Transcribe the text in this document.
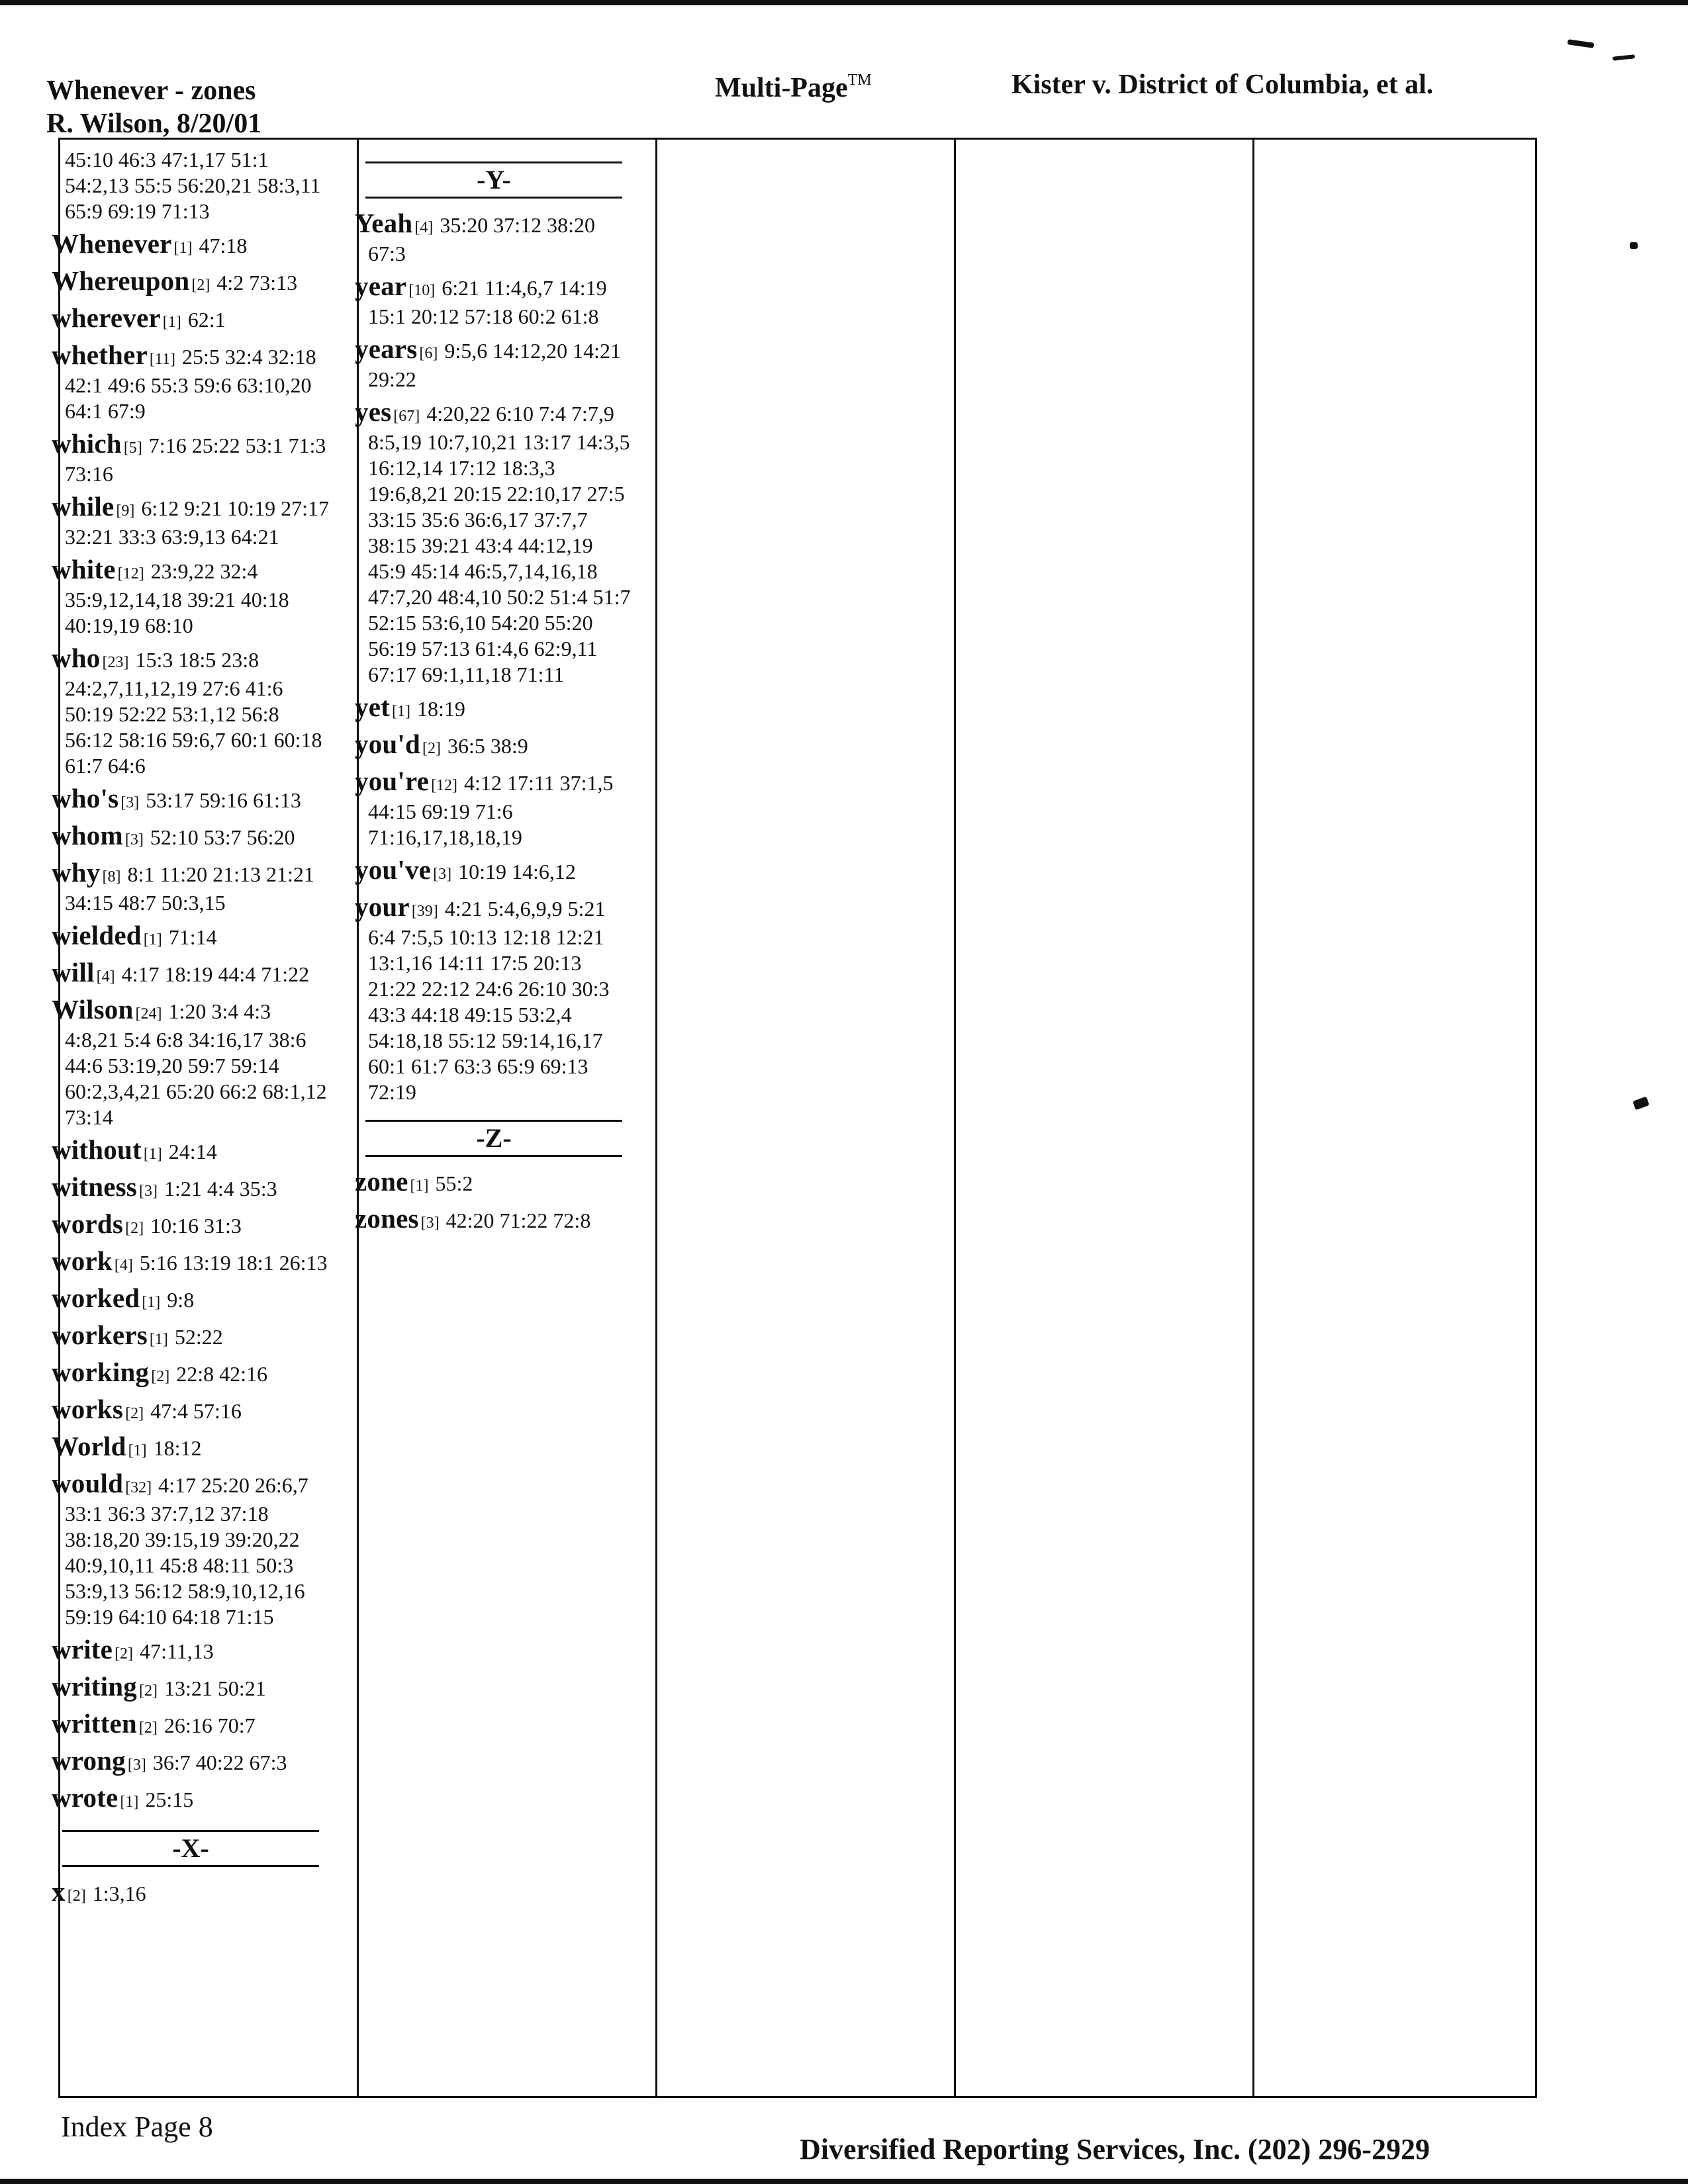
Whenever - zones
R. Wilson, 8/20/01
Multi-Page™	Kister v. District of Columbia, et al.
45:10 46:3 47:1,17 51:1 54:2,13 55:5 56:20,21 58:3,11 65:9 69:19 71:13
Whenever [1] 47:18
Whereupon [2] 4:2 73:13
wherever [1] 62:1
whether [11] 25:5 32:4 32:18 42:1 49:6 55:3 59:6 63:10,20 64:1 67:9
which [5] 7:16 25:22 53:1 71:3 73:16
while [9] 6:12 9:21 10:19 27:17 32:21 33:3 63:9,13 64:21
white [12] 23:9,22 32:4 35:9,12,14,18 39:21 40:18 40:19,19 68:10
who [23] 15:3 18:5 23:8 24:2,7,11,12,19 27:6 41:6 50:19 52:22 53:1,12 56:8 56:12 58:16 59:6,7 60:1 60:18 61:7 64:6
who's [3] 53:17 59:16 61:13
whom [3] 52:10 53:7 56:20
why [8] 8:1 11:20 21:13 21:21 34:15 48:7 50:3,15
wielded [1] 71:14
will [4] 4:17 18:19 44:4 71:22
Wilson [24] 1:20 3:4 4:3 4:8,21 5:4 6:8 34:16,17 38:6 44:6 53:19,20 59:7 59:14 60:2,3,4,21 65:20 66:2 68:1,12 73:14
without [1] 24:14
witness [3] 1:21 4:4 35:3
words [2] 10:16 31:3
work [4] 5:16 13:19 18:1 26:13
worked [1] 9:8
workers [1] 52:22
working [2] 22:8 42:16
works [2] 47:4 57:16
World [1] 18:12
would [32] 4:17 25:20 26:6,7 33:1 36:3 37:7,12 37:18 38:18,20 39:15,19 39:20,22 40:9,10,11 45:8 48:11 50:3 53:9,13 56:12 58:9,10,12,16 59:19 64:10 64:18 71:15
write [2] 47:11,13
writing [2] 13:21 50:21
written [2] 26:16 70:7
wrong [3] 36:7 40:22 67:3
wrote [1] 25:15
-X-
x [2] 1:3,16
-Y-
Yeah [4] 35:20 37:12 38:20 67:3
year [10] 6:21 11:4,6,7 14:19 15:1 20:12 57:18 60:2 61:8
years [6] 9:5,6 14:12,20 14:21 29:22
yes [67] 4:20,22 6:10 7:4 7:7,9 8:5,19 10:7,10,21 13:17 14:3,5 16:12,14 17:12 18:3,3 19:6,8,21 20:15 22:10,17 27:5 33:15 35:6 36:6,17 37:7,7 38:15 39:21 43:4 44:12,19 45:9 45:14 46:5,7,14,16,18 47:7,20 48:4,10 50:2 51:4 51:7 52:15 53:6,10 54:20 55:20 56:19 57:13 61:4,6 62:9,11 67:17 69:1,11,18 71:11
yet [1] 18:19
you'd [2] 36:5 38:9
you're [12] 4:12 17:11 37:1,5 44:15 69:19 71:6 71:16,17,18,18,19
you've [3] 10:19 14:6,12
your [39] 4:21 5:4,6,9,9 5:21 6:4 7:5,5 10:13 12:18 12:21 13:1,16 14:11 17:5 20:13 21:22 22:12 24:6 26:10 30:3 43:3 44:18 49:15 53:2,4 54:18,18 55:12 59:14,16,17 60:1 61:7 63:3 65:9 69:13 72:19
-Z-
zone [1] 55:2
zones [3] 42:20 71:22 72:8
Index Page 8
Diversified Reporting Services, Inc. (202) 296-2929
